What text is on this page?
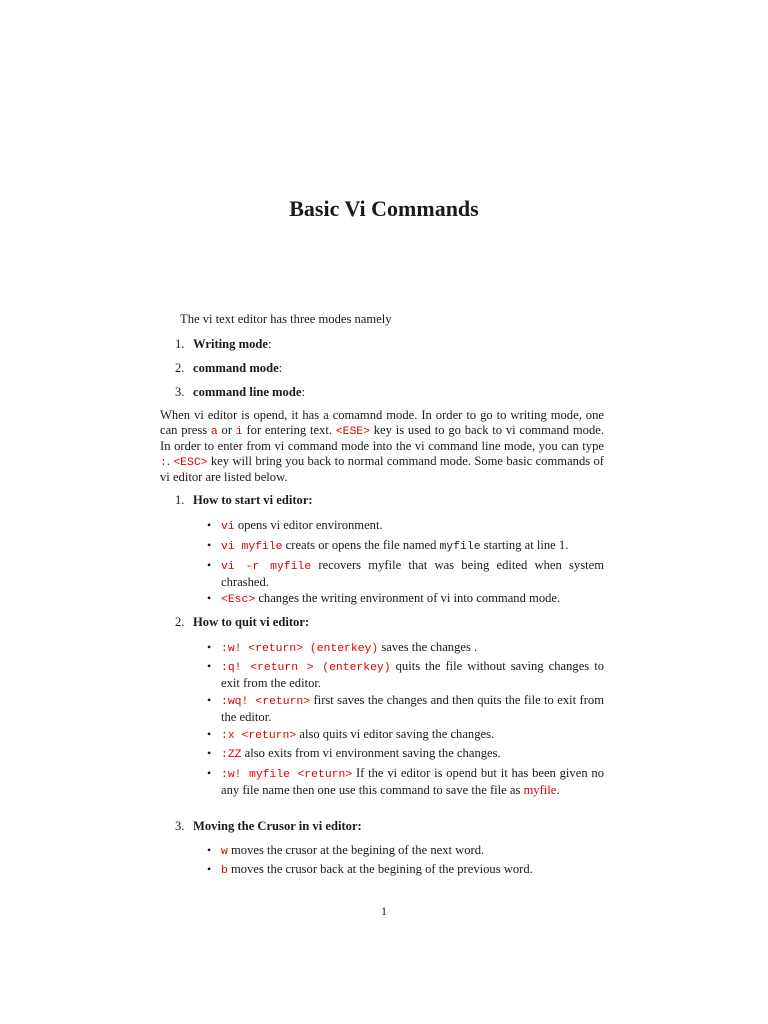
Basic Vi Commands
The vi text editor has three modes namely
1. Writing mode:
2. command mode:
3. command line mode:
When vi editor is opend, it has a comamnd mode. In order to go to writing mode, one can press a or i for entering text. <ESE> key is used to go back to vi command mode. In order to enter from vi command mode into the vi command line mode, you can type :. <ESC> key will bring you back to normal command mode. Some basic commands of vi editor are listed below.
1. How to start vi editor:
• vi opens vi editor environment.
• vi myfile creats or opens the file named myfile starting at line 1.
• vi -r myfile recovers myfile that was being edited when system chrashed.
• <Esc> changes the writing environment of vi into command mode.
2. How to quit vi editor:
• :w! <return> (enterkey) saves the changes .
• :q! <return > (enterkey) quits the file without saving changes to exit from the editor.
• :wq! <return> first saves the changes and then quits the file to exit from the editor.
• :x <return> also quits vi editor saving the changes.
• :ZZ also exits from vi environment saving the changes.
• :w! myfile <return> If the vi editor is opend but it has been given no any file name then one use this command to save the file as myfile.
3. Moving the Crusor in vi editor:
• w moves the crusor at the begining of the next word.
• b moves the crusor back at the begining of the previous word.
1
